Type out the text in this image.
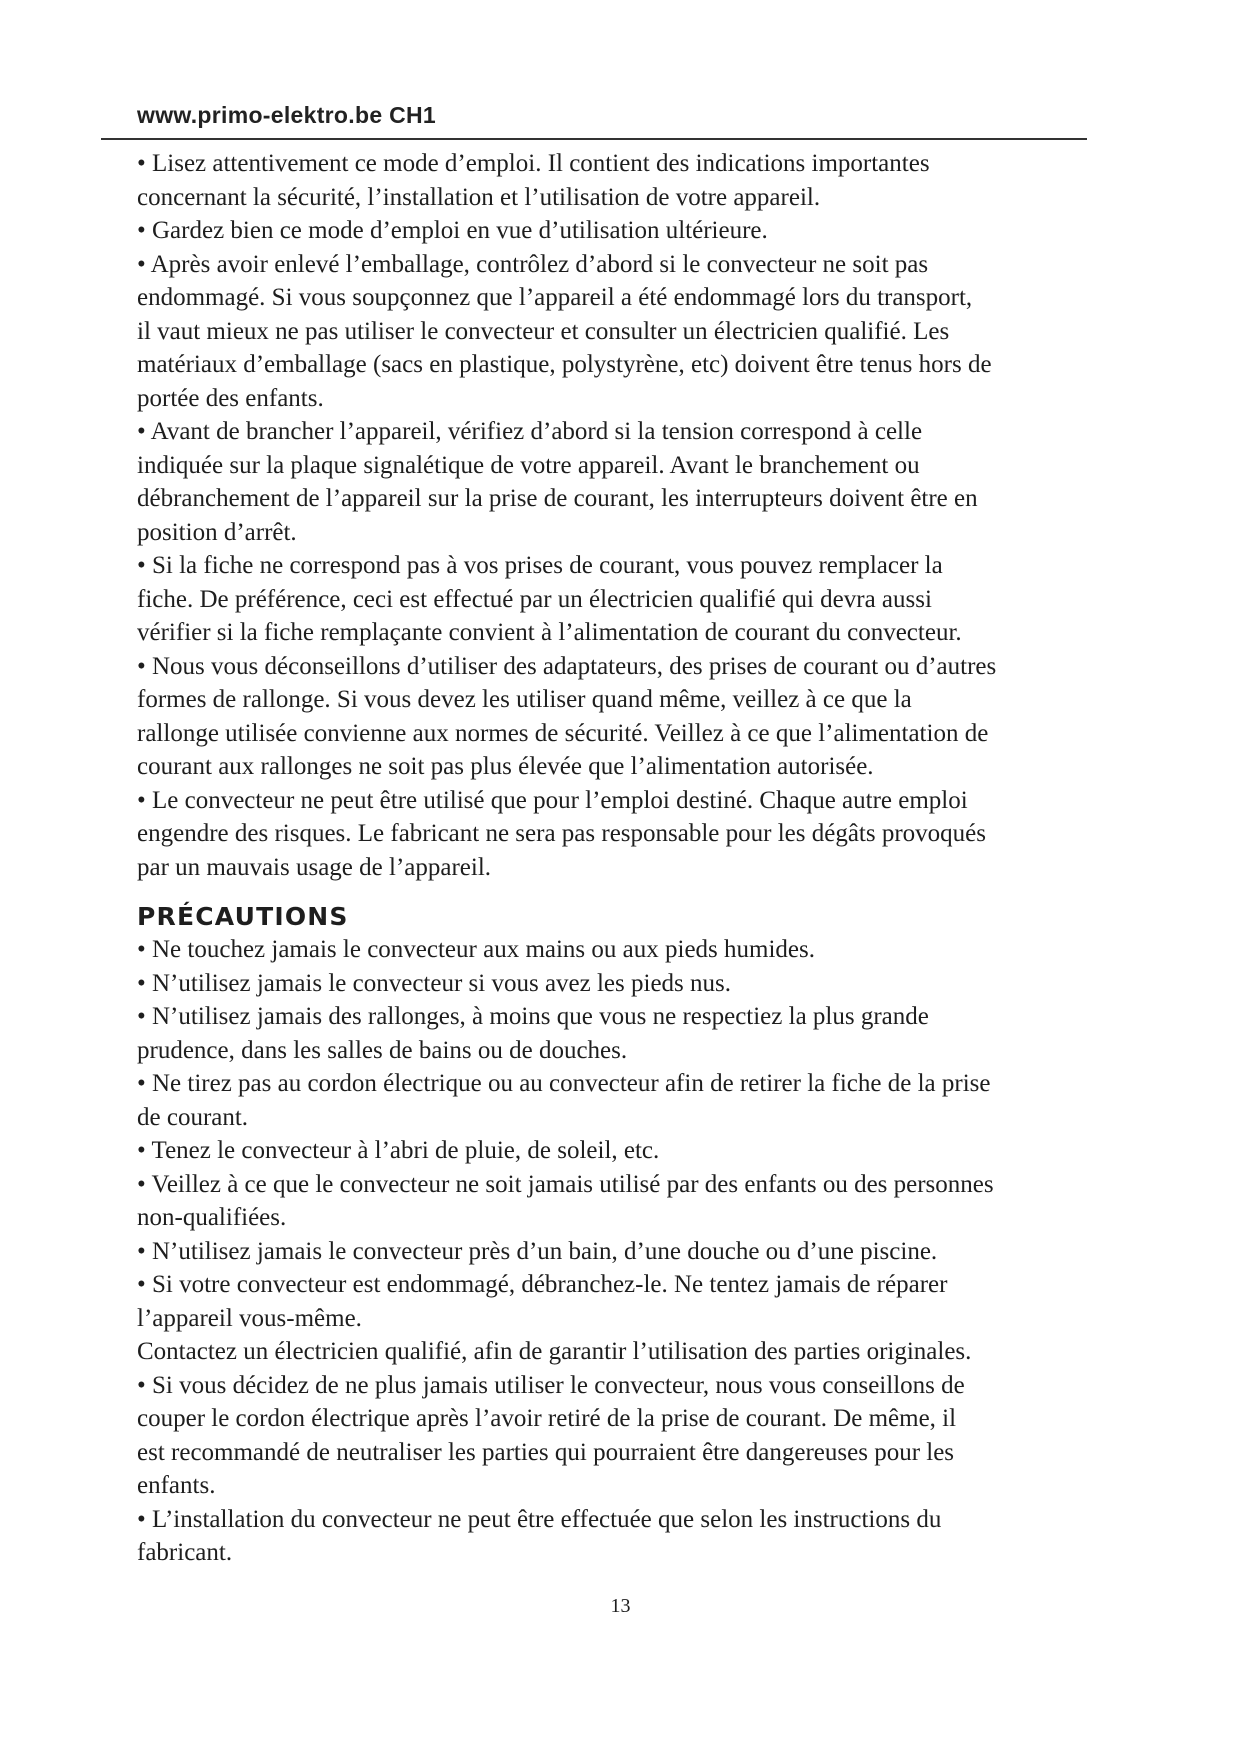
www.primo-elektro.be CH1
• Lisez attentivement ce mode d’emploi. Il contient des indications importantes
concernant la sécurité, l’installation et l’utilisation de votre appareil.
• Gardez bien ce mode d’emploi en vue d’utilisation ultérieure.
• Après avoir enlevé l’emballage, contrôlez d’abord si le convecteur ne soit pas
endommagé. Si vous soupçonnez que l’appareil a été endommagé lors du transport,
il vaut mieux ne pas utiliser le convecteur et consulter un électricien qualifié. Les
matériaux d’emballage (sacs en plastique, polystyrène, etc) doivent être tenus hors de
portée des enfants.
• Avant de brancher l’appareil, vérifiez d’abord si la tension correspond à celle
indiquée sur la plaque signalétique de votre appareil. Avant le branchement ou
débranchement de l’appareil sur la prise de courant, les interrupteurs doivent être en
position d’arrêt.
• Si la fiche ne correspond pas à vos prises de courant, vous pouvez remplacer la
fiche. De préférence, ceci est effectué par un électricien qualifié qui devra aussi
vérifier si la fiche remplaçante convient à l’alimentation de courant du convecteur.
• Nous vous déconseillons d’utiliser des adaptateurs, des prises de courant ou d’autres
formes de rallonge. Si vous devez les utiliser quand même, veillez à ce que la
rallonge utilisée convienne aux normes de sécurité. Veillez à ce que l’alimentation de
courant aux rallonges ne soit pas plus élevée que l’alimentation autorisée.
• Le convecteur ne peut être utilisé que pour l’emploi destiné. Chaque autre emploi
engendre des risques. Le fabricant ne sera pas responsable pour les dégâts provoqués
par un mauvais usage de l’appareil.
PRÉCAUTIONS
• Ne touchez jamais le convecteur aux mains ou aux pieds humides.
• N’utilisez jamais le convecteur si vous avez les pieds nus.
• N’utilisez jamais des rallonges, à moins que vous ne respectiez la plus grande
prudence, dans les salles de bains ou de douches.
• Ne tirez pas au cordon électrique ou au convecteur afin de retirer la fiche de la prise
de courant.
• Tenez le convecteur à l’abri de pluie, de soleil, etc.
• Veillez à ce que le convecteur ne soit jamais utilisé par des enfants ou des personnes
non-qualifiées.
• N’utilisez jamais le convecteur près d’un bain, d’une douche ou d’une piscine.
• Si votre convecteur est endommagé, débranchez-le. Ne tentez jamais de réparer
l’appareil vous-même.
Contactez un électricien qualifié, afin de garantir l’utilisation des parties originales.
• Si vous décidez de ne plus jamais utiliser le convecteur, nous vous conseillons de
couper le cordon électrique après l’avoir retiré de la prise de courant. De même, il
est recommandé de neutraliser les parties qui pourraient être dangereuses pour les
enfants.
• L’installation du convecteur ne peut être effectuée que selon les instructions du
fabricant.
13
